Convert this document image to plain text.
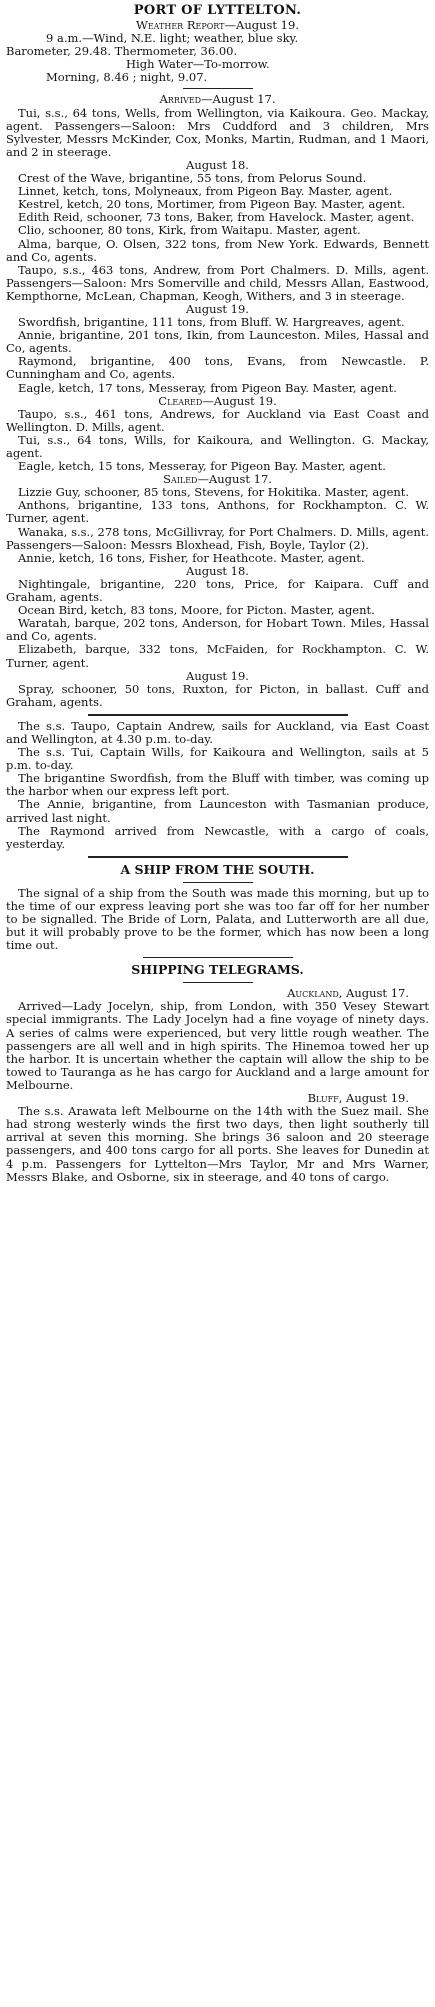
PORT OF LYTTELTON.
Weather Report—August 19.
9 a.m.—Wind, N.E. light; weather, blue sky.
Barometer, 29.48. Thermometer, 36.00.
High Water—To-morrow.
Morning, 8.46 ; night, 9.07.
Arrived—August 17.

Tui, s.s., 64 tons, Wells, from Wellington, via Kaikoura. Geo. Mackay, agent. Passengers—Saloon: Mrs Cuddford and 3 children, Mrs Sylvester, Messrs McKinder, Cox, Monks, Martin, Rudman, and 1 Maori, and 2 in steerage.

August 18.

Crest of the Wave, brigantine, 55 tons, from Pelorus Sound.

Linnet, ketch, tons, Molyneaux, from Pigeon Bay. Master, agent.

Kestrel, ketch, 20 tons, Mortimer, from Pigeon Bay. Master, agent.

Edith Reid, schooner, 73 tons, Baker, from Havelock. Master, agent.

Clio, schooner, 80 tons, Kirk, from Waitapu. Master, agent.

Alma, barque, O. Olsen, 322 tons, from New York. Edwards, Bennett and Co, agents.

Taupo, s.s., 463 tons, Andrew, from Port Chalmers. D. Mills, agent. Passengers—Saloon: Mrs Somerville and child, Messrs Allan, Eastwood, Kempthorne, McLean, Chapman, Keogh, Withers, and 3 in steerage.

August 19.

Swordfish, brigantine, 111 tons, from Bluff. W. Hargreaves, agent.

Annie, brigantine, 201 tons, Ikin, from Launceston. Miles, Hassal and Co, agents.

Raymond, brigantine, 400 tons, Evans, from Newcastle. P. Cunningham and Co, agents.

Eagle, ketch, 17 tons, Messeray, from Pigeon Bay. Master, agent.

Cleared—August 19.

Taupo, s.s., 461 tons, Andrews, for Auckland via East Coast and Wellington. D. Mills, agent.

Tui, s.s., 64 tons, Wills, for Kaikoura, and Wellington. G. Mackay, agent.

Eagle, ketch, 15 tons, Messeray, for Pigeon Bay. Master, agent.

Sailed—August 17.

Lizzie Guy, schooner, 85 tons, Stevens, for Hokitika. Master, agent.

Anthons, brigantine, 133 tons, Anthons, for Rockhampton. C. W. Turner, agent.

Wanaka, s.s., 278 tons, McGillivray, for Port Chalmers. D. Mills, agent. Passengers—Saloon: Messrs Bloxhead, Fish, Boyle, Taylor (2).

Annie, ketch, 16 tons, Fisher, for Heathcote. Master, agent.

August 18.

Nightingale, brigantine, 220 tons, Price, for Kaipara. Cuff and Graham, agents.

Ocean Bird, ketch, 83 tons, Moore, for Picton. Master, agent.

Waratah, barque, 202 tons, Anderson, for Hobart Town. Miles, Hassal and Co, agents.

Elizabeth, barque, 332 tons, McFaiden, for Rockhampton. C. W. Turner, agent.

August 19.

Spray, schooner, 50 tons, Ruxton, for Picton, in ballast. Cuff and Graham, agents.

The s.s. Taupo, Captain Andrew, sails for Auckland, via East Coast and Wellington, at 4.30 p.m. to-day.

The s.s. Tui, Captain Wills, for Kaikoura and Wellington, sails at 5 p.m. to-day.

The brigantine Swordfish, from the Bluff with timber, was coming up the harbor when our express left port.

The Annie, brigantine, from Launceston with Tasmanian produce, arrived last night.

The Raymond arrived from Newcastle, with a cargo of coals, yesterday.

A SHIP FROM THE SOUTH.

The signal of a ship from the South was made this morning, but up to the time of our express leaving port she was too far off for her number to be signalled. The Bride of Lorn, Palata, and Lutterworth are all due, but it will probably prove to be the former, which has now been a long time out.

SHIPPING TELEGRAMS.
Auckland, August 17.

Arrived—Lady Jocelyn, ship, from London, with 350 Vesey Stewart special immigrants. The Lady Jocelyn had a fine voyage of ninety days. A series of calms were experienced, but very little rough weather. The passengers are all well and in high spirits. The Hinemoa towed her up the harbor. It is uncertain whether the captain will allow the ship to be towed to Tauranga as he has cargo for Auckland and a large amount for Melbourne.

Bluff, August 19.

The s.s. Arawata left Melbourne on the 14th with the Suez mail. She had strong westerly winds the first two days, then light southerly till arrival at seven this morning. She brings 36 saloon and 20 steerage passengers, and 400 tons cargo for all ports. She leaves for Dunedin at 4 p.m. Passengers for Lyttelton—Mrs Taylor, Mr and Mrs Warner, Messrs Blake, and Osborne, six in steerage, and 40 tons of cargo.
